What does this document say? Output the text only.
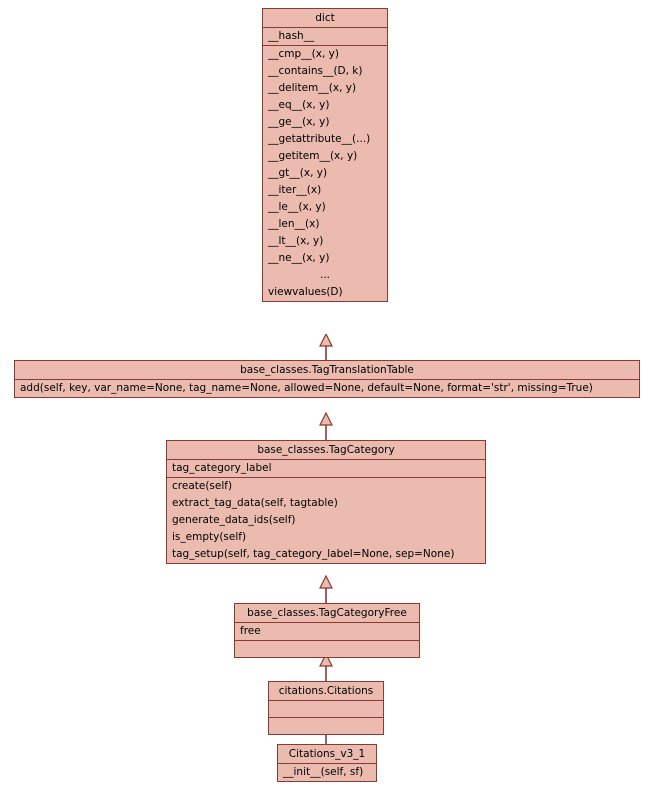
dict
__hash__
__cmp__(x, y)
__contains__(D, k)
__delitem__(x, y)
__eq__(x, y)
__ge__(x, y)
__getattribute__(...)
__getitem__(x, y)
__gt__(x, y)
__iter__(x)
__le__(x, y)
__len__(x)
__lt__(x, y)
__ne__(x, y)
...
viewvalues(D)
base_classes.TagTranslationTable
add(self, key, var_name=None, tag_name=None, allowed=None, default=None, format='str', missing=True)
base_classes.TagCategory
tag_category_label
create(self)
extract_tag_data(self, tagtable)
generate_data_ids(self)
is_empty(self)
tag_setup(self, tag_category_label=None, sep=None)
base_classes.TagCategoryFree
free
citations.Citations
Citations_v3_1
__init__(self, sf)
